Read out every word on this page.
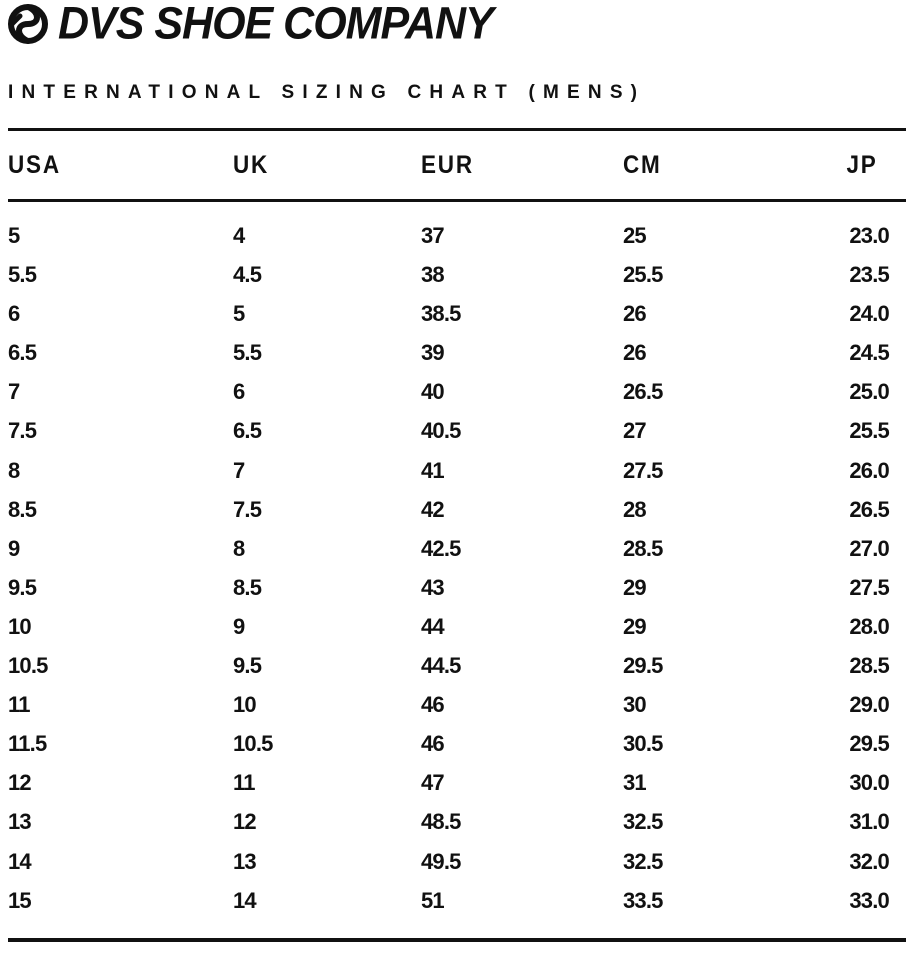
DVS SHOE COMPANY
INTERNATIONAL SIZING CHART (MENS)
USA	UK	EUR	CM	JP
5	4	37	25	23.0
5.5	4.5	38	25.5	23.5
6	5	38.5	26	24.0
6.5	5.5	39	26	24.5
7	6	40	26.5	25.0
7.5	6.5	40.5	27	25.5
8	7	41	27.5	26.0
8.5	7.5	42	28	26.5
9	8	42.5	28.5	27.0
9.5	8.5	43	29	27.5
10	9	44	29	28.0
10.5	9.5	44.5	29.5	28.5
11	10	46	30	29.0
11.5	10.5	46	30.5	29.5
12	11	47	31	30.0
13	12	48.5	32.5	31.0
14	13	49.5	32.5	32.0
15	14	51	33.5	33.0
